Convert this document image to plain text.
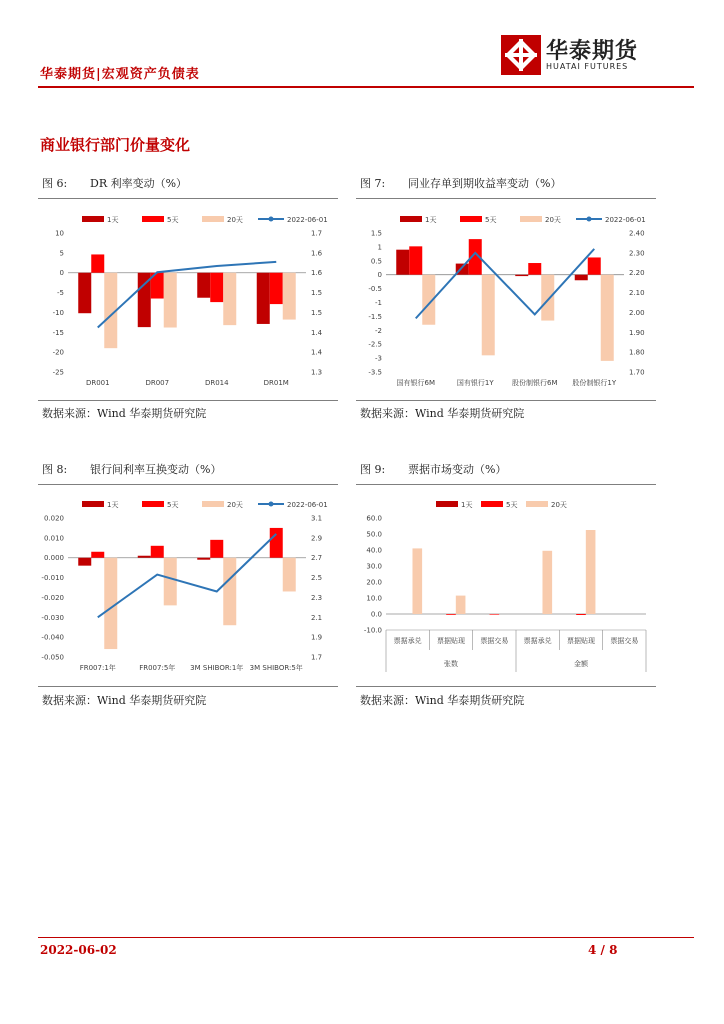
华泰期货
HUATAI FUTURES
华泰期货|宏观资产负债表
商业银行部门价量变化
图 6: DR 利率变动（%）
1天	5天	20天	2022-06-01
10
5
0
-5
-10
-15
-20
-25
1.7
1.6
1.6
1.5
1.5
1.4
1.4
1.3
DR001	DR007	DR014	DR01M
数据来源：Wind 华泰期货研究院
图 7: 同业存单到期收益率变动（%）
1天	5天	20天	2022-06-01
1.5
1
0.5
0
-0.5
-1
-1.5
-2
-2.5
-3
-3.5
2.40
2.30
2.20
2.10
2.00
1.90
1.80
1.70
国有银行6M	国有银行1Y	股份制银行6M 股份制银行1Y
数据来源：Wind 华泰期货研究院
图 8: 银行间利率互换变动（%）
1天	5天	20天	2022-06-01
0.020
0.010
0.000
-0.010
-0.020
-0.030
-0.040
-0.050
3.1
2.9
2.7
2.5
2.3
2.1
1.9
1.7
FR007:1年	FR007:5年 3M SHIBOR:1年 3M SHIBOR:5年
数据来源：Wind 华泰期货研究院
图 9: 票据市场变动（%）
1天	5天	20天
60.0
50.0
40.0
30.0
20.0
10.0
0.0
-10.0
票据承兑 票据贴现 票据交易 票据承兑 票据贴现 票据交易
张数	金额
数据来源：Wind 华泰期货研究院
2022-06-02	4 / 8
